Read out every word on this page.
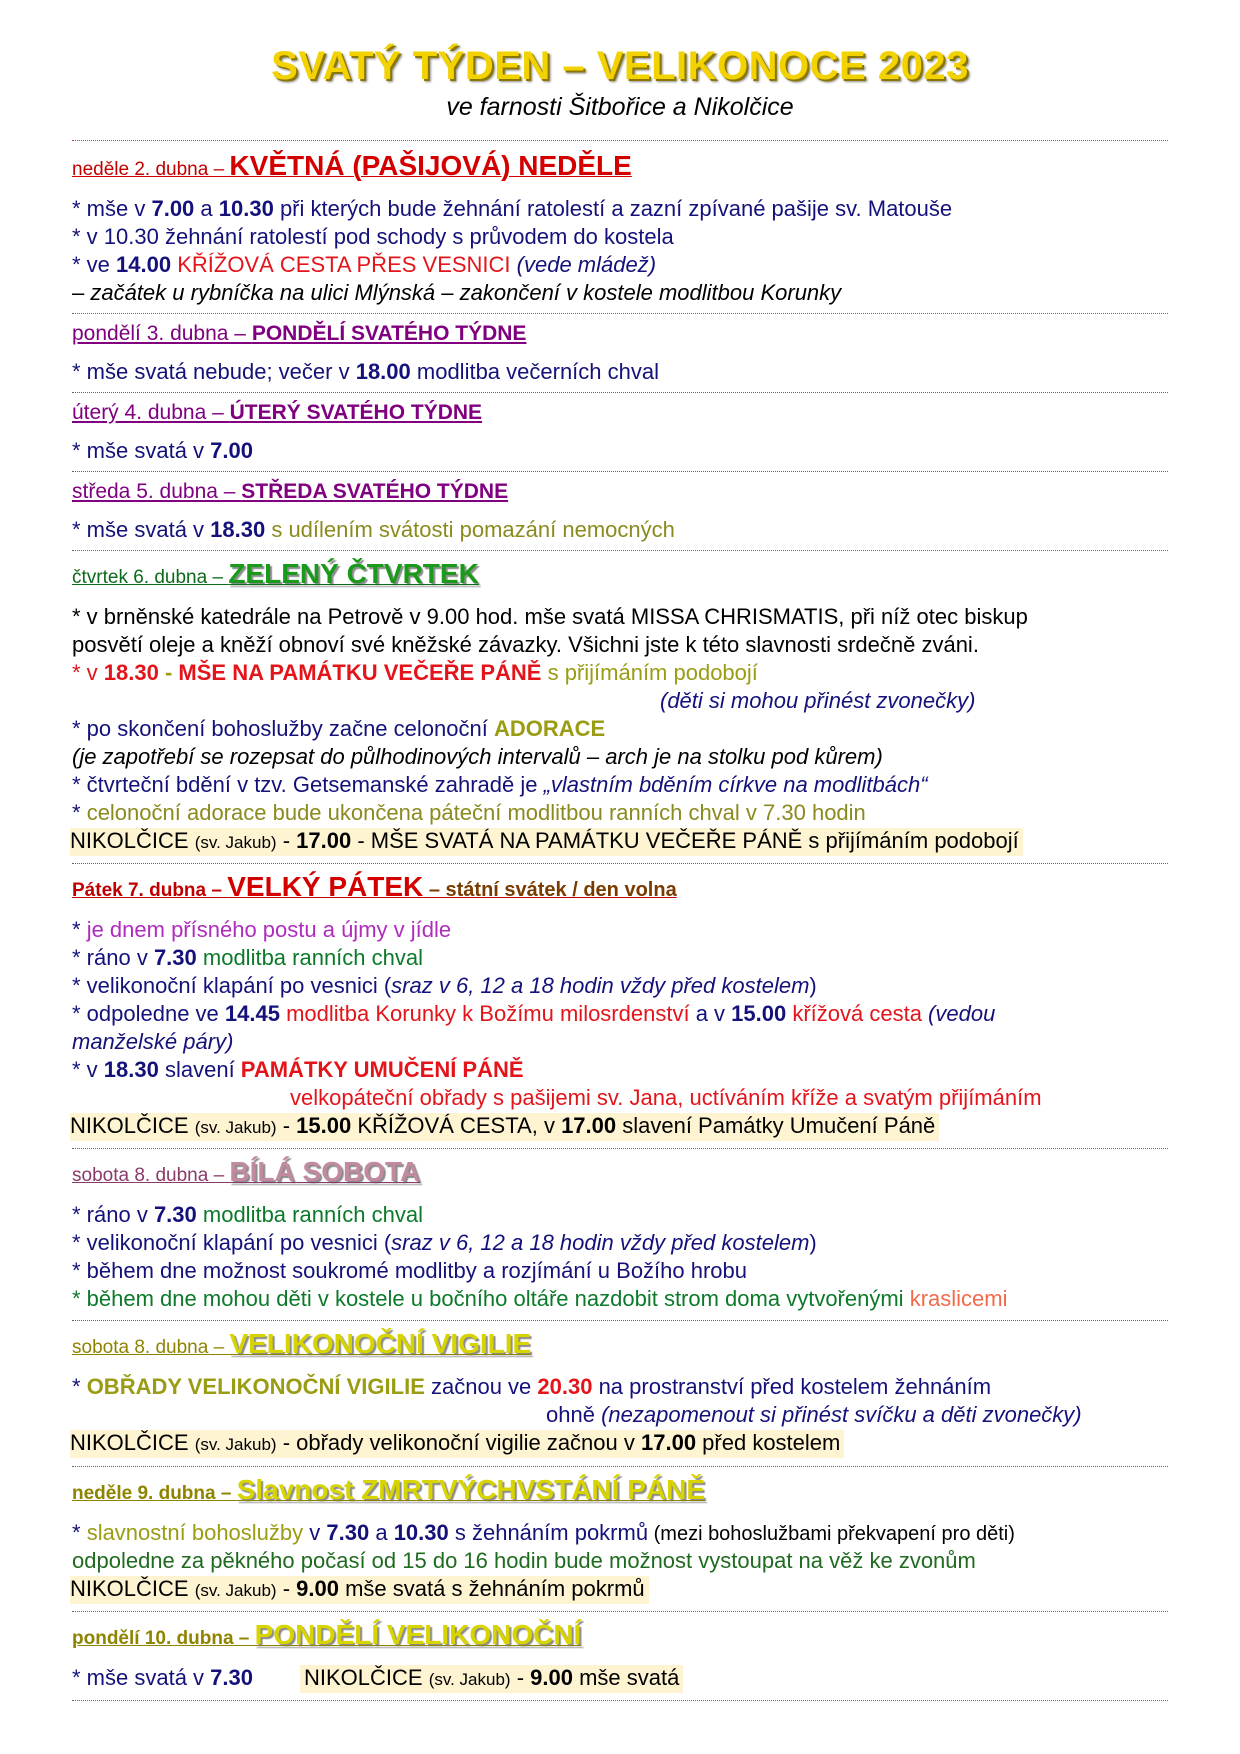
SVATÝ TÝDEN – VELIKONOCE 2023
ve farnosti Šitbořice a Nikolčice
neděle 2. dubna – KVĚTNÁ (PAŠIJOVÁ) NEDĚLE
* mše v 7.00 a 10.30 při kterých bude žehnání ratolestí a zazní zpívané pašije sv. Matouše
* v 10.30 žehnání ratolestí pod schody s průvodem do kostela
* ve 14.00 KŘÍŽOVÁ CESTA PŘES VESNICI (vede mládež)
– začátek u rybníčka na ulici Mlýnská – zakončení v kostele modlitbou Korunky
pondělí 3. dubna – PONDĚLÍ SVATÉHO TÝDNE
* mše svatá nebude; večer v 18.00 modlitba večerních chval
úterý 4. dubna – ÚTERÝ SVATÉHO TÝDNE
* mše svatá v 7.00
středa 5. dubna – STŘEDA SVATÉHO TÝDNE
* mše svatá v 18.30 s udílením svátosti pomazání nemocných
čtvrtek 6. dubna – ZELENÝ ČTVRTEK
* v brněnské katedrále na Petrově v 9.00 hod. mše svatá MISSA CHRISMATIS, při níž otec biskup
posvětí oleje a kněží obnoví své kněžské závazky. Všichni jste k této slavnosti srdečně zváni.
* v 18.30 - MŠE NA PAMÁTKU VEČEŘE PÁNĚ s přijímáním podobojí
(děti si mohou přinést zvonečky)
* po skončení bohoslužby začne celonoční ADORACE
(je zapotřebí se rozepsat do půlhodinových intervalů – arch je na stolku pod kůrem)
* čtvrteční bdění v tzv. Getsemanské zahradě je „vlastním bděním církve na modlitbách“
* celonoční adorace bude ukončena páteční modlitbou ranních chval v 7.30 hodin
NIKOLČICE (sv. Jakub) - 17.00 - MŠE SVATÁ NA PAMÁTKU VEČEŘE PÁNĚ s přijímáním podobojí
Pátek 7. dubna – VELKÝ PÁTEK – státní svátek / den volna
* je dnem přísného postu a újmy v jídle
* ráno v 7.30 modlitba ranních chval
* velikonoční klapání po vesnici (sraz v 6, 12 a 18 hodin vždy před kostelem)
* odpoledne ve 14.45 modlitba Korunky k Božímu milosrdenství a v 15.00 křížová cesta (vedou
manželské páry)
* v 18.30 slavení PAMÁTKY UMUČENÍ PÁNĚ
velkopáteční obřady s pašijemi sv. Jana, uctíváním kříže a svatým přijímáním
NIKOLČICE (sv. Jakub) - 15.00 KŘÍŽOVÁ CESTA, v 17.00 slavení Památky Umučení Páně
sobota 8. dubna – BÍLÁ SOBOTA
* ráno v 7.30 modlitba ranních chval
* velikonoční klapání po vesnici (sraz v 6, 12 a 18 hodin vždy před kostelem)
* během dne možnost soukromé modlitby a rozjímání u Božího hrobu
* během dne mohou děti v kostele u bočního oltáře nazdobit strom doma vytvořenými kraslicemi
sobota 8. dubna – VELIKONOČNÍ VIGILIE
* OBŘADY VELIKONOČNÍ VIGILIE začnou ve 20.30 na prostranství před kostelem žehnáním
ohně (nezapomenout si přinést svíčku a děti zvonečky)
NIKOLČICE (sv. Jakub) - obřady velikonoční vigilie začnou v 17.00 před kostelem
neděle 9. dubna – Slavnost ZMRTVÝCHVSTÁNÍ PÁNĚ
* slavnostní bohoslužby v 7.30 a 10.30 s žehnáním pokrmů (mezi bohoslužbami překvapení pro děti)
odpoledne za pěkného počasí od 15 do 16 hodin bude možnost vystoupat na věž ke zvonům
NIKOLČICE (sv. Jakub) - 9.00 mše svatá s žehnáním pokrmů
pondělí 10. dubna – PONDĚLÍ VELIKONOČNÍ
* mše svatá v 7.30 NIKOLČICE (sv. Jakub) - 9.00 mše svatá
